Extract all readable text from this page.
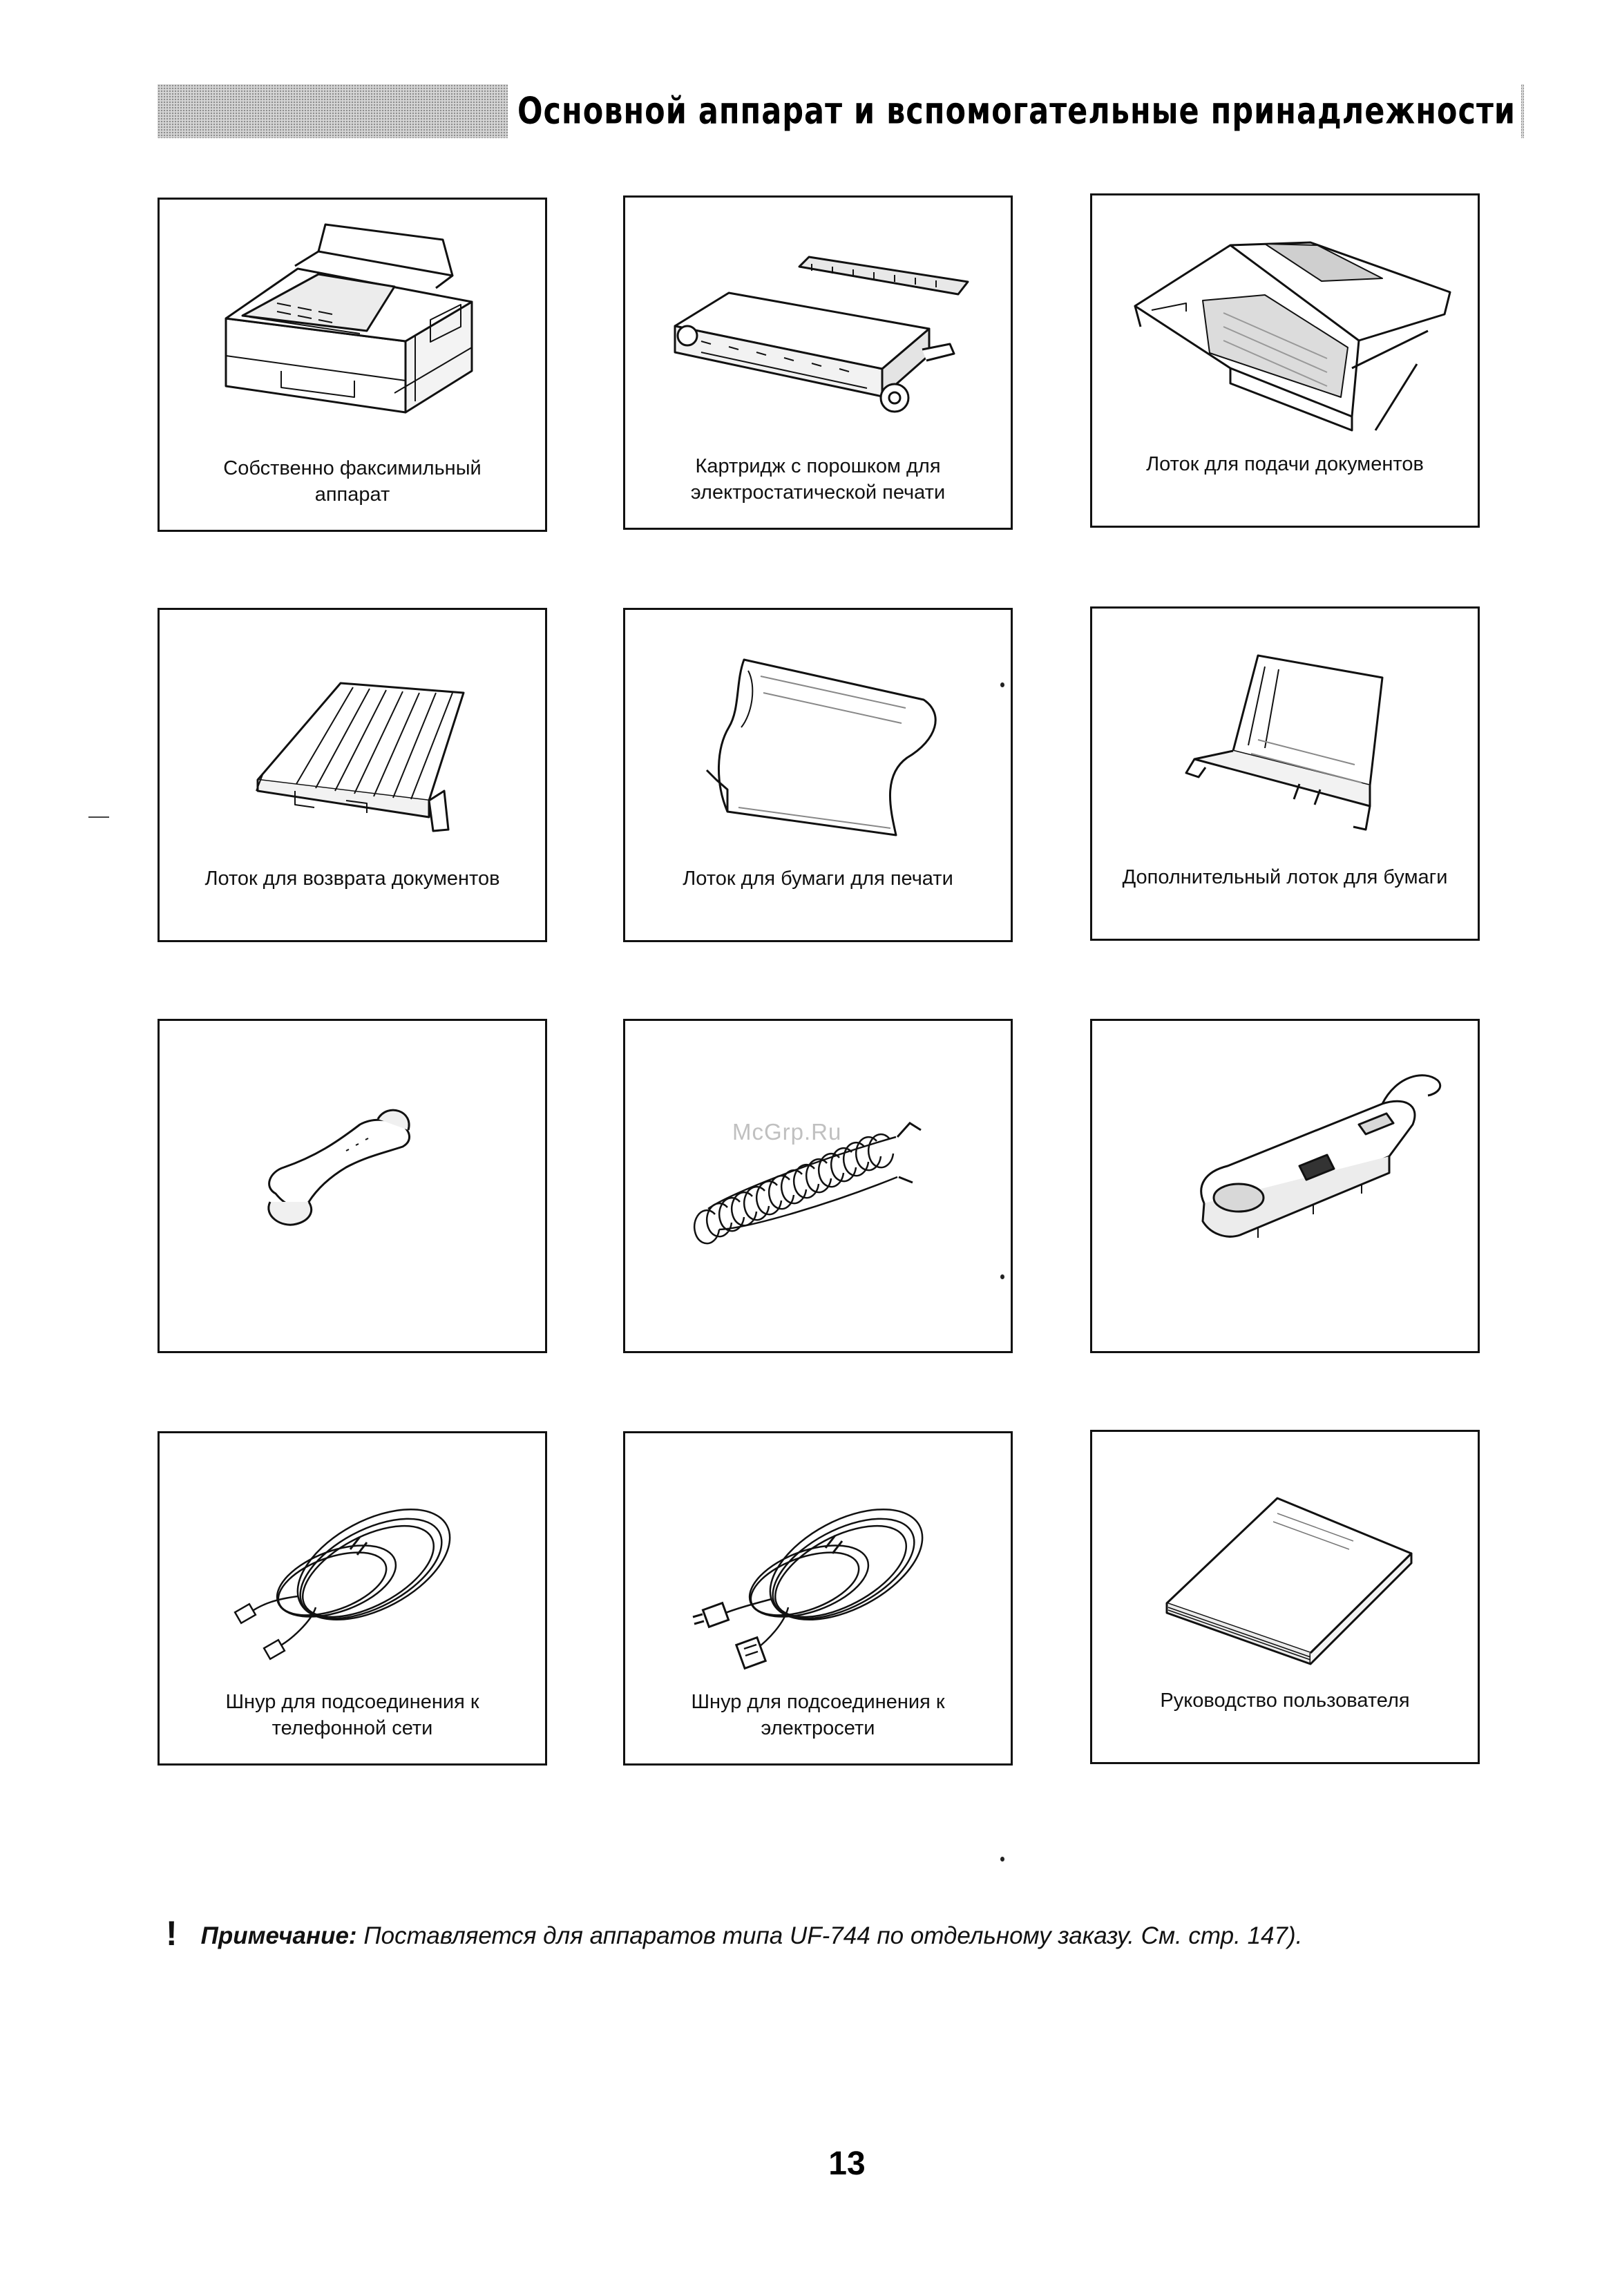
Основной аппарат и вспомогательные принадлежности
Собственно факсимильный
аппарат
Картридж с порошком для
электростатической печати
Лоток для подачи документов
Лоток для возврата документов	Лоток для бумаги для печати	Дополнительный лоток для бумаги
Шнур для подсоединения к
телефонной сети
Шнур для подсоединения к
электросети
Руководство пользователя
McGrp.Ru
! Примечание: Поставляется для аппаратов типа UF-744 по отдельному заказу. См. стр. 147).
13
